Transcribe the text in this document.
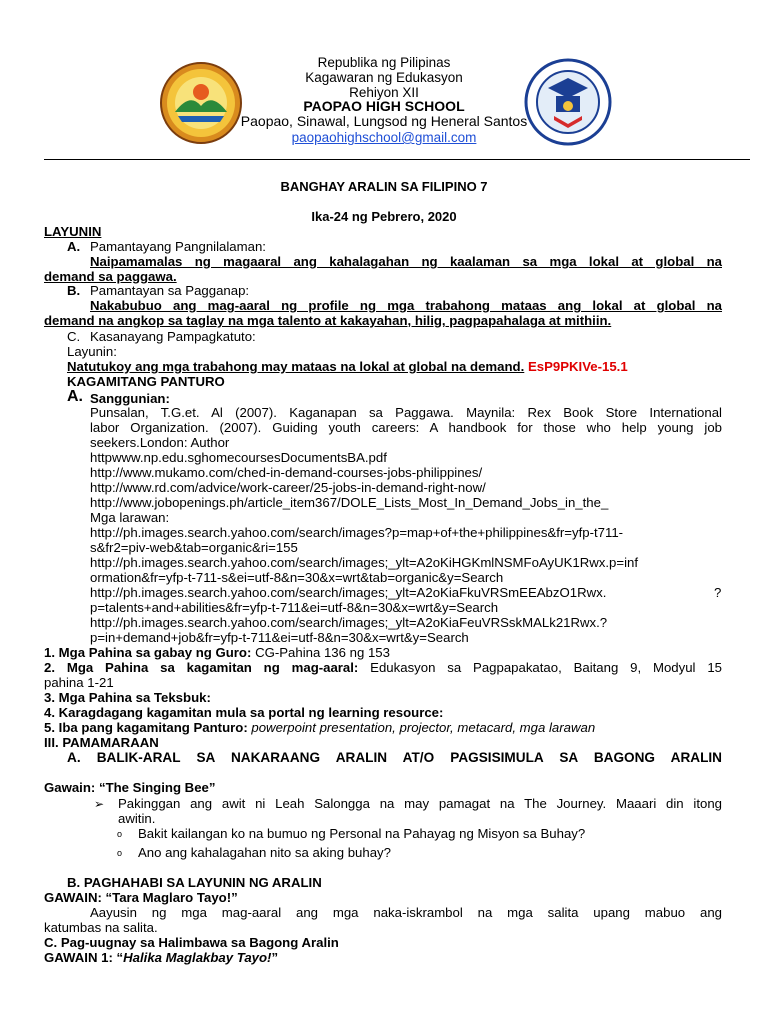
Republika ng Pilipinas
Kagawaran ng Edukasyon
Rehiyon XII
PAOPAO HIGH SCHOOL
Paopao, Sinawal, Lungsod ng Heneral Santos
paopaohighschool@gmail.com
BANGHAY ARALIN SA FILIPINO 7
Ika-24 ng Pebrero, 2020
LAYUNIN
A. Pamantayang Pangnilalaman:
Naipamamalas ng magaaral ang kahalagahan ng kaalaman sa mga lokal at global na
demand sa paggawa.
B. Pamantayan sa Pagganap:
Nakabubuo ang mag-aaral ng profile ng mga trabahong mataas ang lokal at global na
demand na angkop sa taglay na mga talento at kakayahan, hilig, pagpapahalaga at mithiin.
C. Kasanayang Pampagkatuto:
Layunin:
Natutukoy ang mga trabahong may mataas na lokal at global na demand. EsP9PKIVe-15.1
KAGAMITANG PANTURO
A. Sanggunian:
Punsalan, T.G.et. Al (2007). Kaganapan sa Paggawa. Maynila: Rex Book Store International
labor Organization. (2007). Guiding youth careers: A handbook for those who help young job
seekers.London: Author
httpwww.np.edu.sghomecoursesDocumentsBA.pdf
http://www.mukamo.com/ched-in-demand-courses-jobs-philippines/
http://www.rd.com/advice/work-career/25-jobs-in-demand-right-now/
http://www.jobopenings.ph/article_item367/DOLE_Lists_Most_In_Demand_Jobs_in_the_
Mga larawan:
http://ph.images.search.yahoo.com/search/images?p=map+of+the+philippines&fr=yfp-t711-
s&fr2=piv-web&tab=organic&ri=155
http://ph.images.search.yahoo.com/search/images;_ylt=A2oKiHGKmlNSMFoAyUK1Rwx.p=inf
ormation&fr=yfp-t-711-s&ei=utf-8&n=30&x=wrt&tab=organic&y=Search
http://ph.images.search.yahoo.com/search/images;_ylt=A2oKiaFkuVRSmEEAbzO1Rwx.	?
p=talents+and+abilities&fr=yfp-t-711&ei=utf-8&n=30&x=wrt&y=Search
http://ph.images.search.yahoo.com/search/images;_ylt=A2oKiaFeuVRSskMALk21Rwx.?
p=in+demand+job&fr=yfp-t-711&ei=utf-8&n=30&x=wrt&y=Search
1. Mga Pahina sa gabay ng Guro: CG-Pahina 136 ng 153
2. Mga Pahina sa kagamitan ng mag-aaral: Edukasyon sa Pagpapakatao, Baitang 9, Modyul 15
pahina 1-21
3. Mga Pahina sa Teksbuk:
4. Karagdagang kagamitan mula sa portal ng learning resource:
5. Iba pang kagamitang Panturo: powerpoint presentation, projector, metacard, mga larawan
III. PAMAMARAAN
A. BALIK-ARAL SA NAKARAANG ARALIN AT/O PAGSISIMULA SA BAGONG ARALIN
Gawain: “The Singing Bee”
➢ Pakinggan ang awit ni Leah Salongga na may pamagat na The Journey. Maaari din itong
awitin.
o Bakit kailangan ko na bumuo ng Personal na Pahayag ng Misyon sa Buhay?
o Ano ang kahalagahan nito sa aking buhay?
B. PAGHAHABI SA LAYUNIN NG ARALIN
GAWAIN: “Tara Maglaro Tayo!”
Aayusin ng mga mag-aaral ang mga naka-iskrambol na mga salita upang mabuo ang
katumbas na salita.
C. Pag-uugnay sa Halimbawa sa Bagong Aralin
GAWAIN 1: “Halika Maglakbay Tayo!”
